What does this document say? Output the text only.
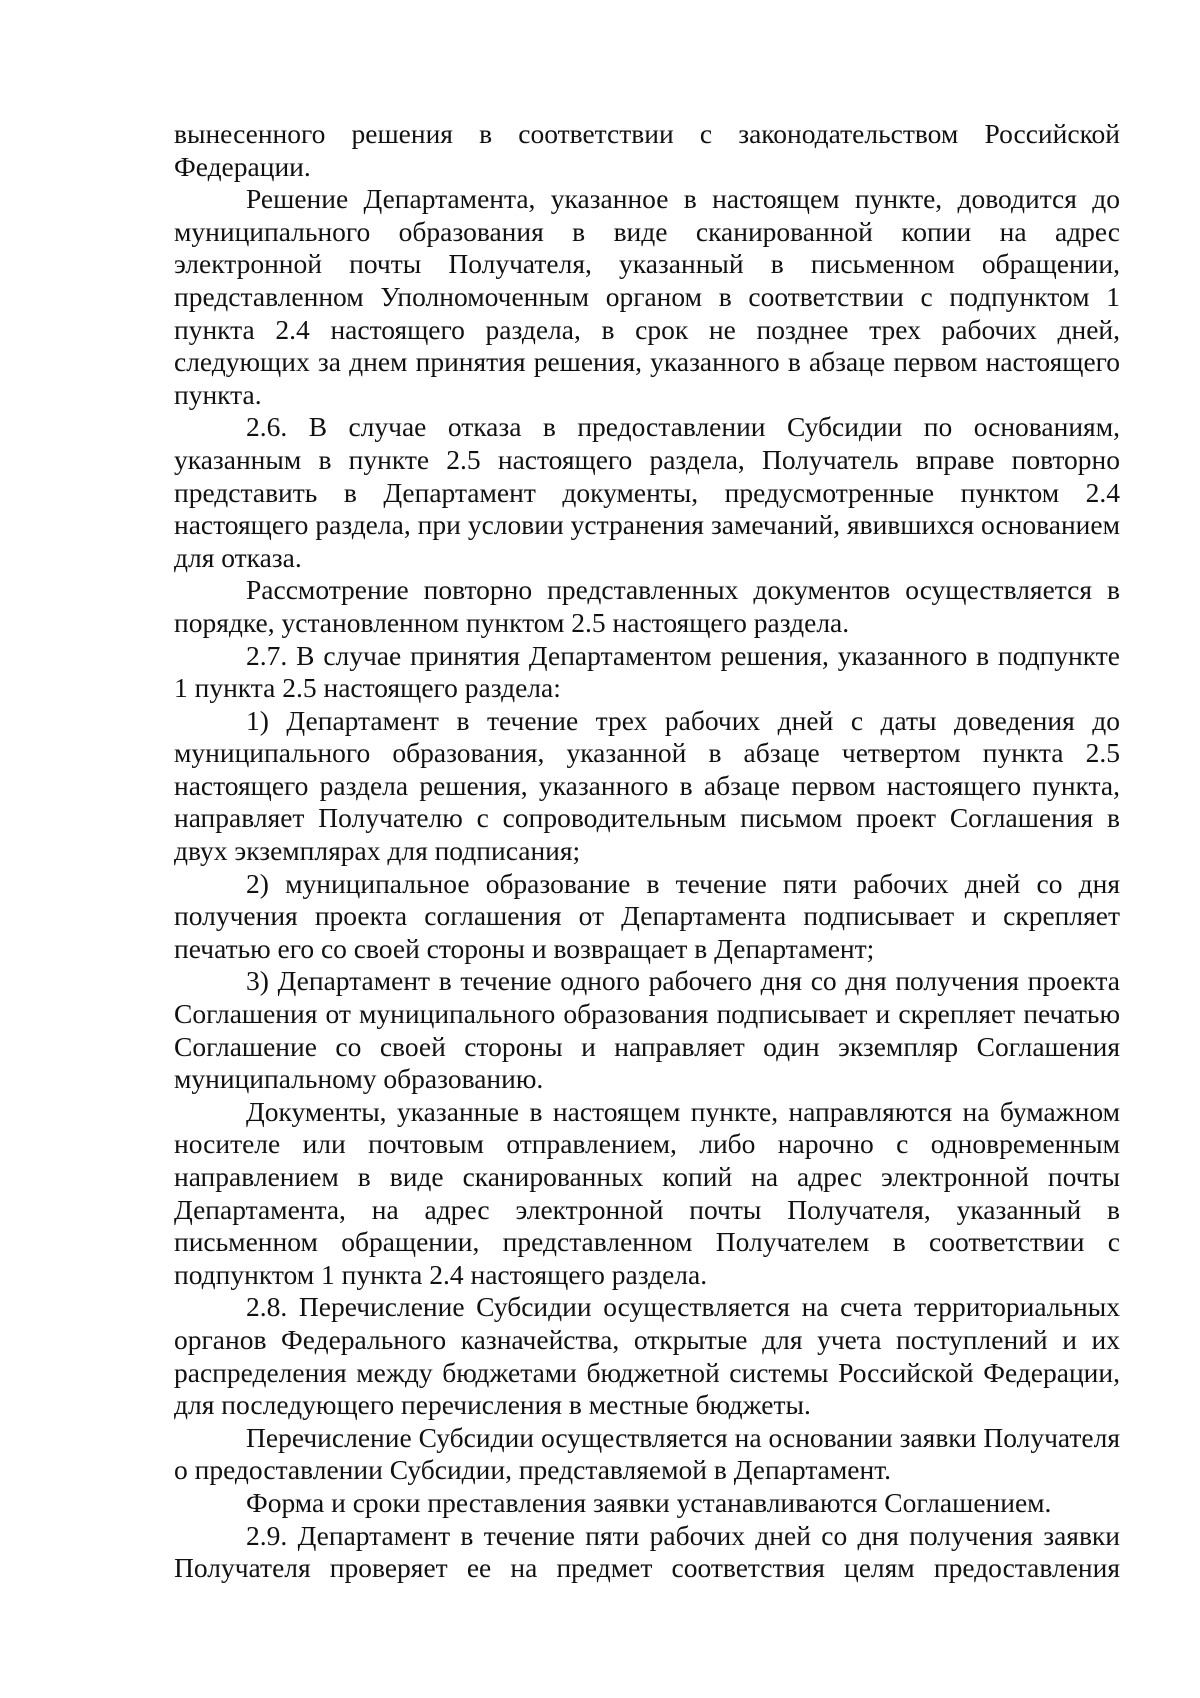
вынесенного решения в соответствии с законодательством Российской Федерации.

Решение Департамента, указанное в настоящем пункте, доводится до муниципального образования в виде сканированной копии на адрес электронной почты Получателя, указанный в письменном обращении, представленном Уполномоченным органом в соответствии с подпунктом 1 пункта 2.4 настоящего раздела, в срок не позднее трех рабочих дней, следующих за днем принятия решения, указанного в абзаце первом настоящего пункта.

2.6. В случае отказа в предоставлении Субсидии по основаниям, указанным в пункте 2.5 настоящего раздела, Получатель вправе повторно представить в Департамент документы, предусмотренные пунктом 2.4 настоящего раздела, при условии устранения замечаний, явившихся основанием для отказа.

Рассмотрение повторно представленных документов осуществляется в порядке, установленном пунктом 2.5 настоящего раздела.

2.7. В случае принятия Департаментом решения, указанного в подпункте 1 пункта 2.5 настоящего раздела:

1) Департамент в течение трех рабочих дней с даты доведения до муниципального образования, указанной в абзаце четвертом пункта 2.5 настоящего раздела решения, указанного в абзаце первом настоящего пункта, направляет Получателю с сопроводительным письмом проект Соглашения в двух экземплярах для подписания;

2) муниципальное образование в течение пяти рабочих дней со дня получения проекта соглашения от Департамента подписывает и скрепляет печатью его со своей стороны и возвращает в Департамент;

3) Департамент в течение одного рабочего дня со дня получения проекта Соглашения от муниципального образования подписывает и скрепляет печатью Соглашение со своей стороны и направляет один экземпляр Соглашения муниципальному образованию.

Документы, указанные в настоящем пункте, направляются на бумажном носителе или почтовым отправлением, либо нарочно с одновременным направлением в виде сканированных копий на адрес электронной почты Департамента, на адрес электронной почты Получателя, указанный в письменном обращении, представленном Получателем в соответствии с подпунктом 1 пункта 2.4 настоящего раздела.

2.8. Перечисление Субсидии осуществляется на счета территориальных органов Федерального казначейства, открытые для учета поступлений и их распределения между бюджетами бюджетной системы Российской Федерации, для последующего перечисления в местные бюджеты.

Перечисление Субсидии осуществляется на основании заявки Получателя о предоставлении Субсидии, представляемой в Департамент.

Форма и сроки преставления заявки устанавливаются Соглашением.

2.9. Департамент в течение пяти рабочих дней со дня получения заявки Получателя проверяет ее на предмет соответствия целям предоставления
